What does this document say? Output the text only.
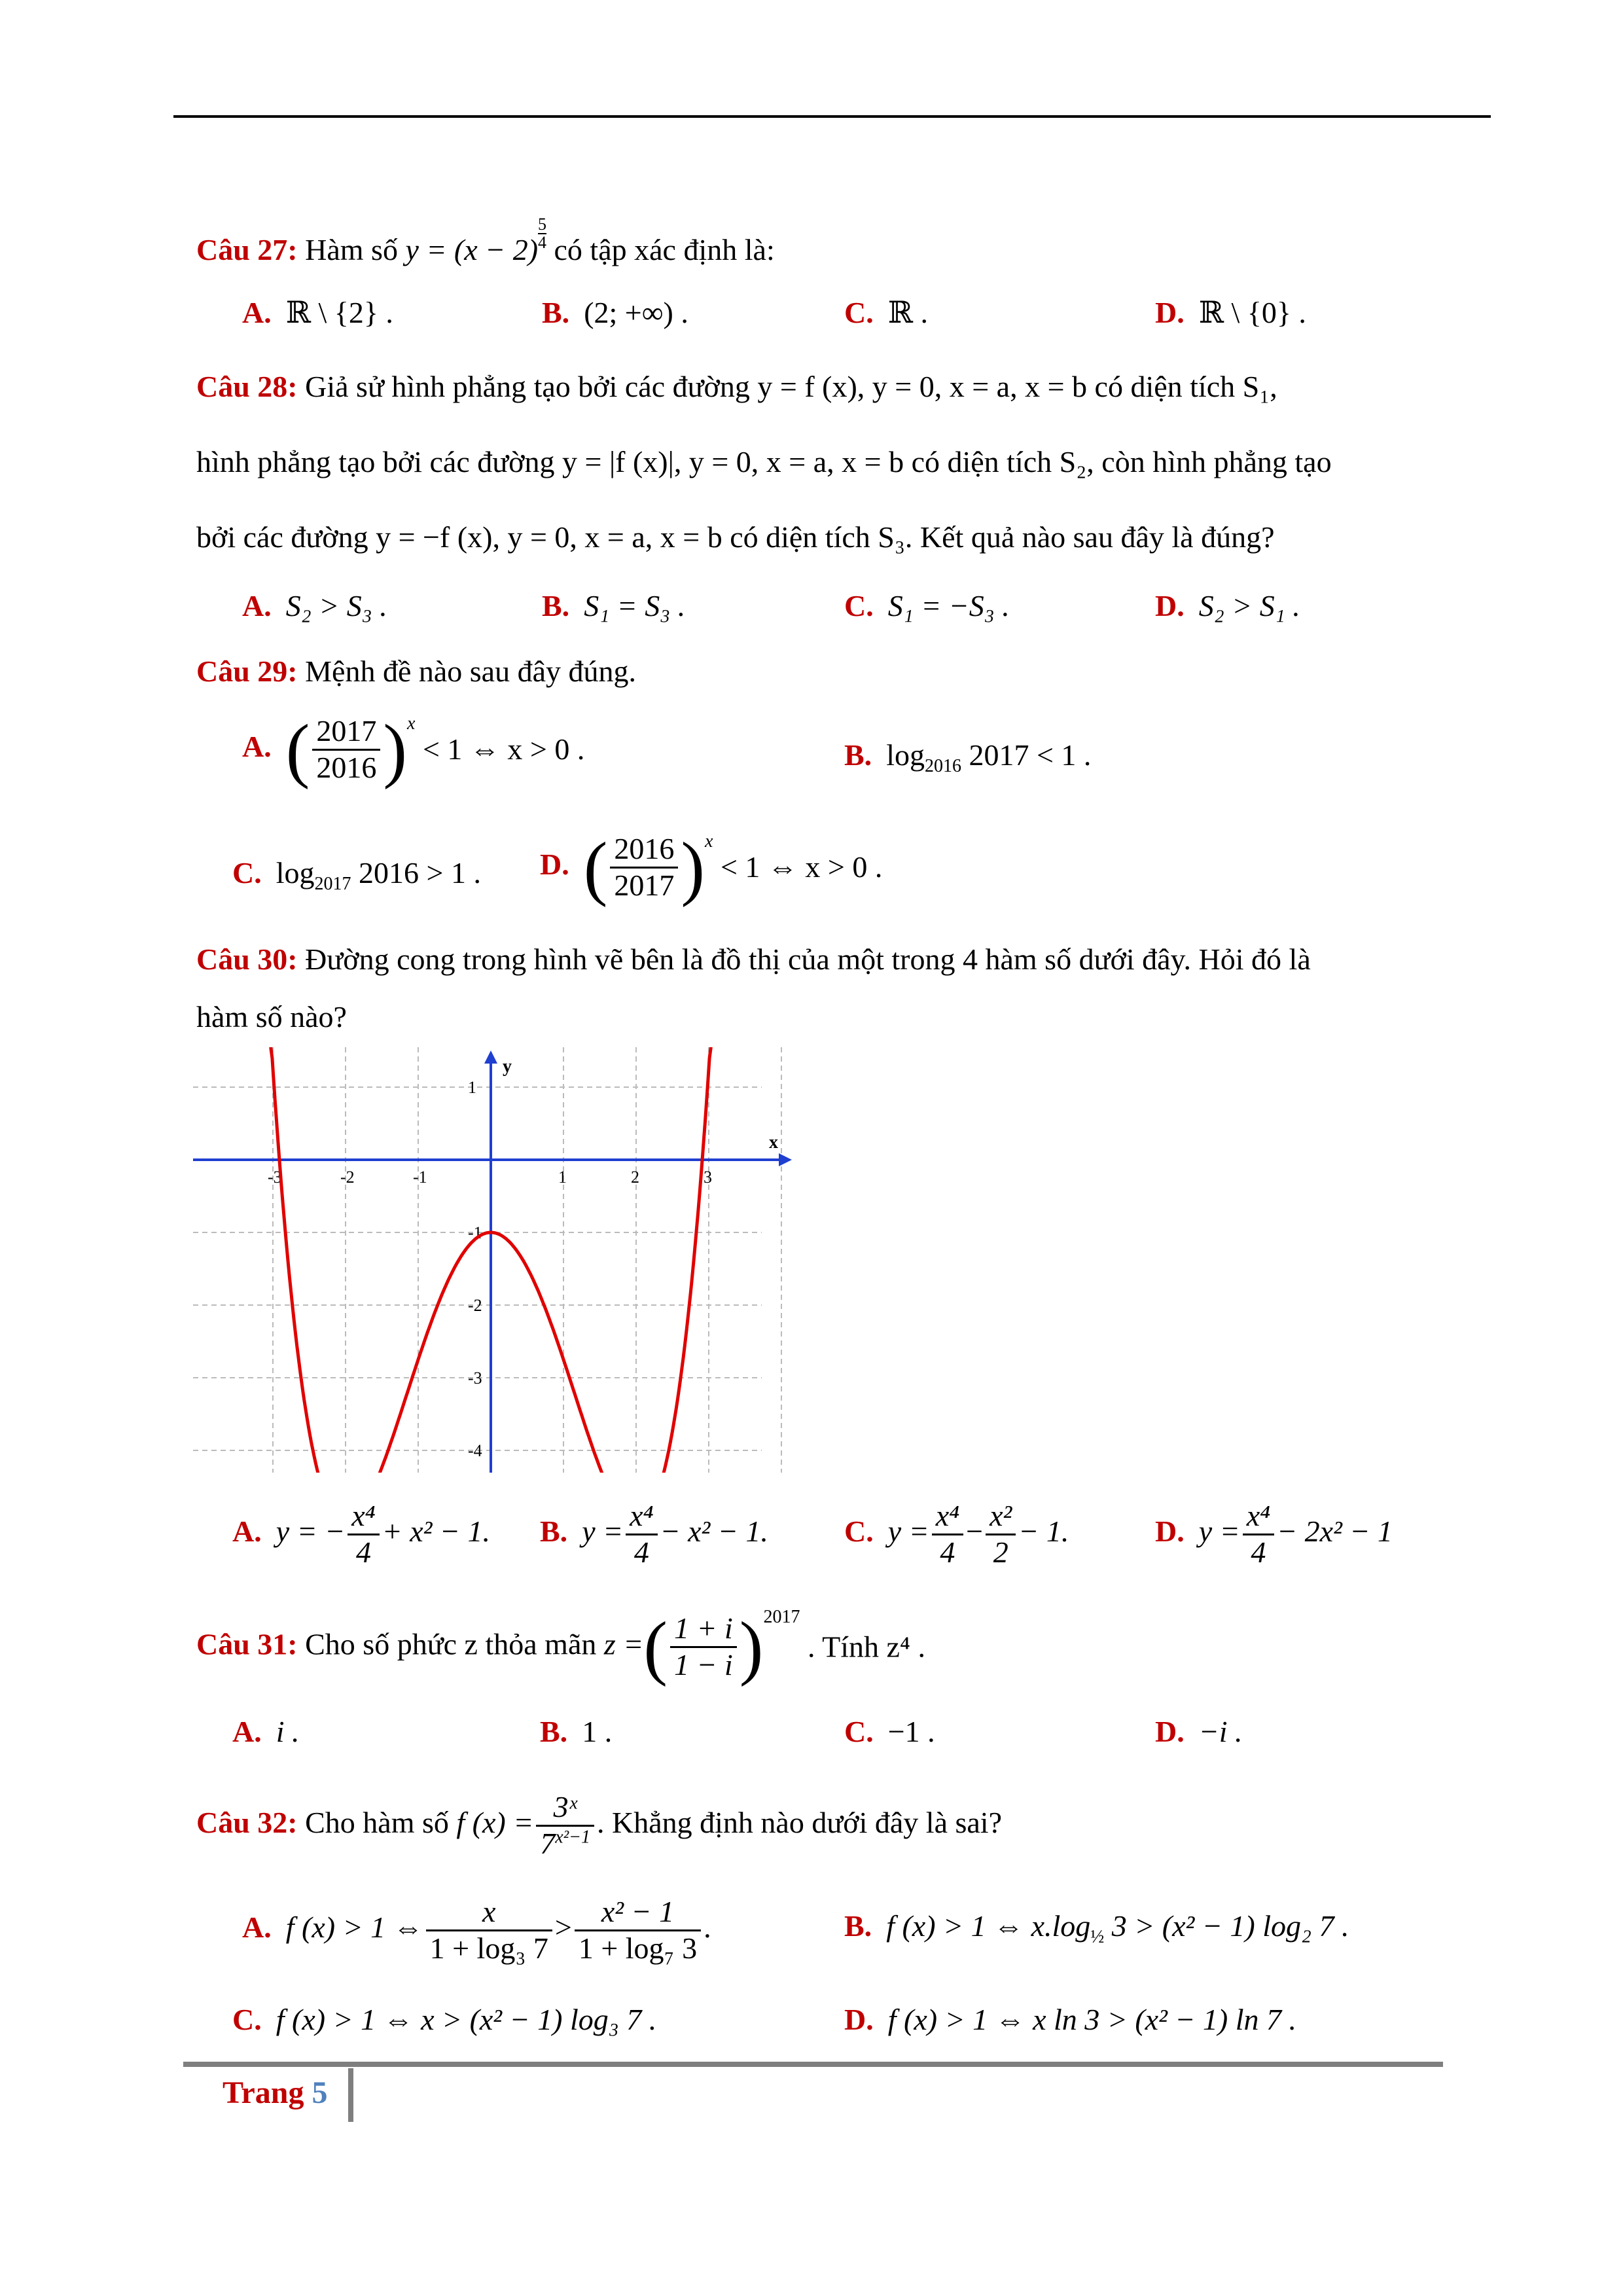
Câu 27: Hàm số $y = (x - 2) \frac{5}{4}$ có tập xác định là:
A. ℝ \ {2} .	B. (2; +∞) .	C. ℝ .	D. ℝ \ {0} .
Câu 28: Giả sử hình phẳng tạo bởi các đường y = f (x), y = 0, x = a, x = b có diện tích S₁,
hình phẳng tạo bởi các đường y = |f (x)|, y = 0, x = a, x = b có diện tích S₂, còn hình phẳng tạo
bởi các đường y = −f (x), y = 0, x = a, x = b có diện tích S₃. Kết quả nào sau đây là đúng?
A. S₂ > S₃ .	B. S₁ = S₃ .	C. S₁ = −S₃ .	D. S₂ > S₁ .
Câu 29: Mệnh đề nào sau đây đúng.
A. ( $\frac{2017}{2016} )^x < 1$ ⇔ x > 0 .	B. $\log_{2016} 2017 < 1$ .
C. $\log_{2017} 2016 > 1$ . D. ( $\frac{2016}{2017} )^x < 1$ ⇔ x > 0 .
Câu 30: Đường cong trong hình vẽ bên là đồ thị của một trong 4 hàm số dưới đây. Hỏi đó là
hàm số nào?
x
y
-3	-2	-1	1	2	3
1
-1
-2
-3
-4
A. y = − $\frac{\text{x⁴}}{4} + x^2 - 1$. B. $y = \frac{\text{x⁴}}{4} - x^2 - 1$.	C. $y = \frac{\text{x⁴}}{4} - \frac{\text{x²}}{2} - 1$.	D. $y = \frac{\text{x⁴}}{4} - 2x^2 - 1$
Câu 31: Cho số phức z thỏa mãn z =( $\frac{1 + i}{1 - i} )^{2017}$ . Tính z⁴ .
A. i .	B. 1 .	C. −1 .	D. −i .
Câu 32: Cho hàm số f $(x) = \frac{\text{3ˣ}}{7^{x^2-1}}$ . Khẳng định nào dưới đây là sai?
A. f (x) > 1 ⇔ $\frac{x}{\text{1 + log₃ 7}} > \frac{\text{x² − 1}}{\text{1 + log₇ 3}}$ .	B. f (x) > 1 ⇔ $x.\log_{\frac{1}{2}}$ 3 > (x² − 1) log₂ 7 .
C. f (x) > 1 ⇔ x > (x² − 1) log₃ 7 .	D. f (x) > 1 ⇔ x ln 3 > (x² − 1) ln 7 .
Trang 5
